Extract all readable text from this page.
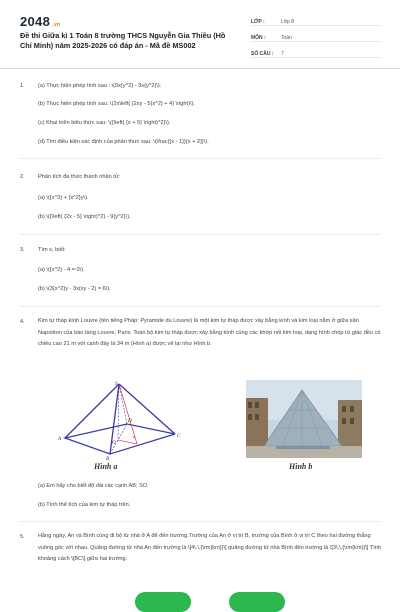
2048 .vn
Đề thi Giữa kì 1 Toán 8 trường THCS Nguyễn Gia Thiều (Hồ Chí Minh) năm 2025-2026 có đáp án - Mã đề MS002
LỚP :	Lớp 8
MÔN :	Toán
SỐ CÂU :	7
1.	(a) Thực hiện phép tính sau : \(9x{y^2} - 3x{y^2}\).
(b) Thực hiện phép tính sau: \(2x\left( {2xy - 5{x^2} + 4} \right)\).
(c) Khai triển biểu thức sau: \({\left( {x + 5} \right)^2}\).
(d) Tìm điều kiện xác định của phân thức sau: \(\frac{{x - 1}}{x + 2}}\).
2.	Phân tích đa thức thành nhân tử:
(a) \({x^3} + {x^2}y\).
(b) \({\left( {2x - 5} \right)^2} - 9{y^2}\).
3.	Tìm x, biết:
(a) \({x^2} - 4 = 0\).
(b) \(3{x^2}y - 3x(xy - 2) = 6\).
4.	Kim tự tháp kính Louvre (tên tiếng Pháp: Pyramide du Louvre) là một kim tự tháp được xây bằng kính và kim loại nằm ở giữa sân Napoléon của bảo tàng Louvre, Paris. Toàn bộ kim tự tháp được xây bằng kính cùng các khớp nối kim loại, dạng hình chóp tứ giác đều có chiều cao 21 m với cạnh đáy là 34 m (Hình a) được vẽ lại như Hình b.
S
A
B
C
D
O
a
Hình a	Hình b
(a) Em hãy cho biết độ dài các cạnh AB; SO.
(b) Tính thể tích của kim tự tháp trên.
5.	Hằng ngày, An và Bình cùng đi bộ từ nhà ở A để đến trường.Trường của An ở vị trí B, trường của Bình ở vị trí C theo hai đường thẳng vuông góc với nhau. Quãng đường từ nhà An đến trường là \[4\,\,{\rm{km}}\] quãng đường từ nhà Bình đến trường là \[3\,\,{\rm{km}}\] Tính khoảng cách \[BC\] giữa hai trường.
